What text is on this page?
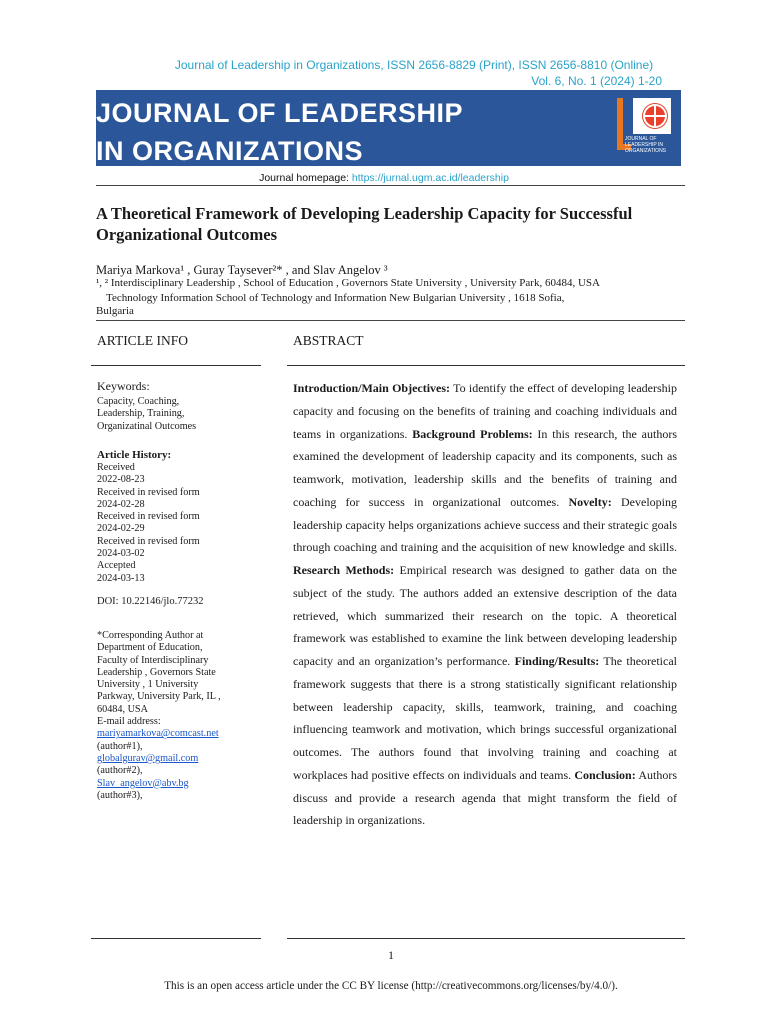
Journal of Leadership in Organizations, ISSN 2656-8829 (Print), ISSN 2656-8810 (Online)
Vol. 6, No. 1 (2024) 1-20
JOURNAL OF LEADERSHIP
IN ORGANIZATIONS	JOURNAL OF LEADERSHIP IN ORGANIZATIONS
Journal homepage: https://jurnal.ugm.ac.id/leadership
A Theoretical Framework of Developing Leadership Capacity for Successful Organizational Outcomes
Mariya Markova¹ , Guray Taysever²* , and Slav Angelov ³
¹, ² Interdisciplinary Leadership , School of Education , Governors State University , University Park, 60484, USA
Technology Information School of Technology and Information New Bulgarian University , 1618 Sofia,
Bulgaria
ARTICLE INFO	ABSTRACT
Keywords:
Capacity, Coaching,
Leadership, Training,
Organizatinal Outcomes
Article History:
Received
2022-08-23
Received in revised form
2024-02-28
Received in revised form
2024-02-29
Received in revised form
2024-03-02
Accepted
2024-03-13
DOI: 10.22146/jlo.77232
*Corresponding Author at
Department of Education,
Faculty of Interdisciplinary
Leadership , Governors State
University , 1 University
Parkway, University Park, IL ,
60484, USA
E-mail address:
mariyamarkova@comcast.net
(author#1),
globalgurav@gmail.com
(author#2),
Slav_angelov@abv.bg
(author#3),
Introduction/Main Objectives: To identify the effect of developing leadership capacity and focusing on the benefits of training and coaching individuals and teams in organizations. Background Problems: In this research, the authors examined the development of leadership capacity and its components, such as teamwork, motivation, leadership skills and the benefits of training and coaching for success in organizational outcomes. Novelty: Developing leadership capacity helps organizations achieve success and their strategic goals through coaching and training and the acquisition of new knowledge and skills. Research Methods: Empirical research was designed to gather data on the subject of the study. The authors added an extensive description of the data retrieved, which summarized their research on the topic. A theoretical framework was established to examine the link between developing leadership capacity and an organization’s performance. Finding/Results: The theoretical framework suggests that there is a strong statistically significant relationship between leadership capacity, skills, teamwork, training, and coaching influencing teamwork and motivation, which brings successful organizational outcomes. The authors found that involving training and coaching at workplaces had positive effects on individuals and teams. Conclusion: Authors discuss and provide a research agenda that might transform the field of leadership in organizations.
1
This is an open access article under the CC BY license (http://creativecommons.org/licenses/by/4.0/).
